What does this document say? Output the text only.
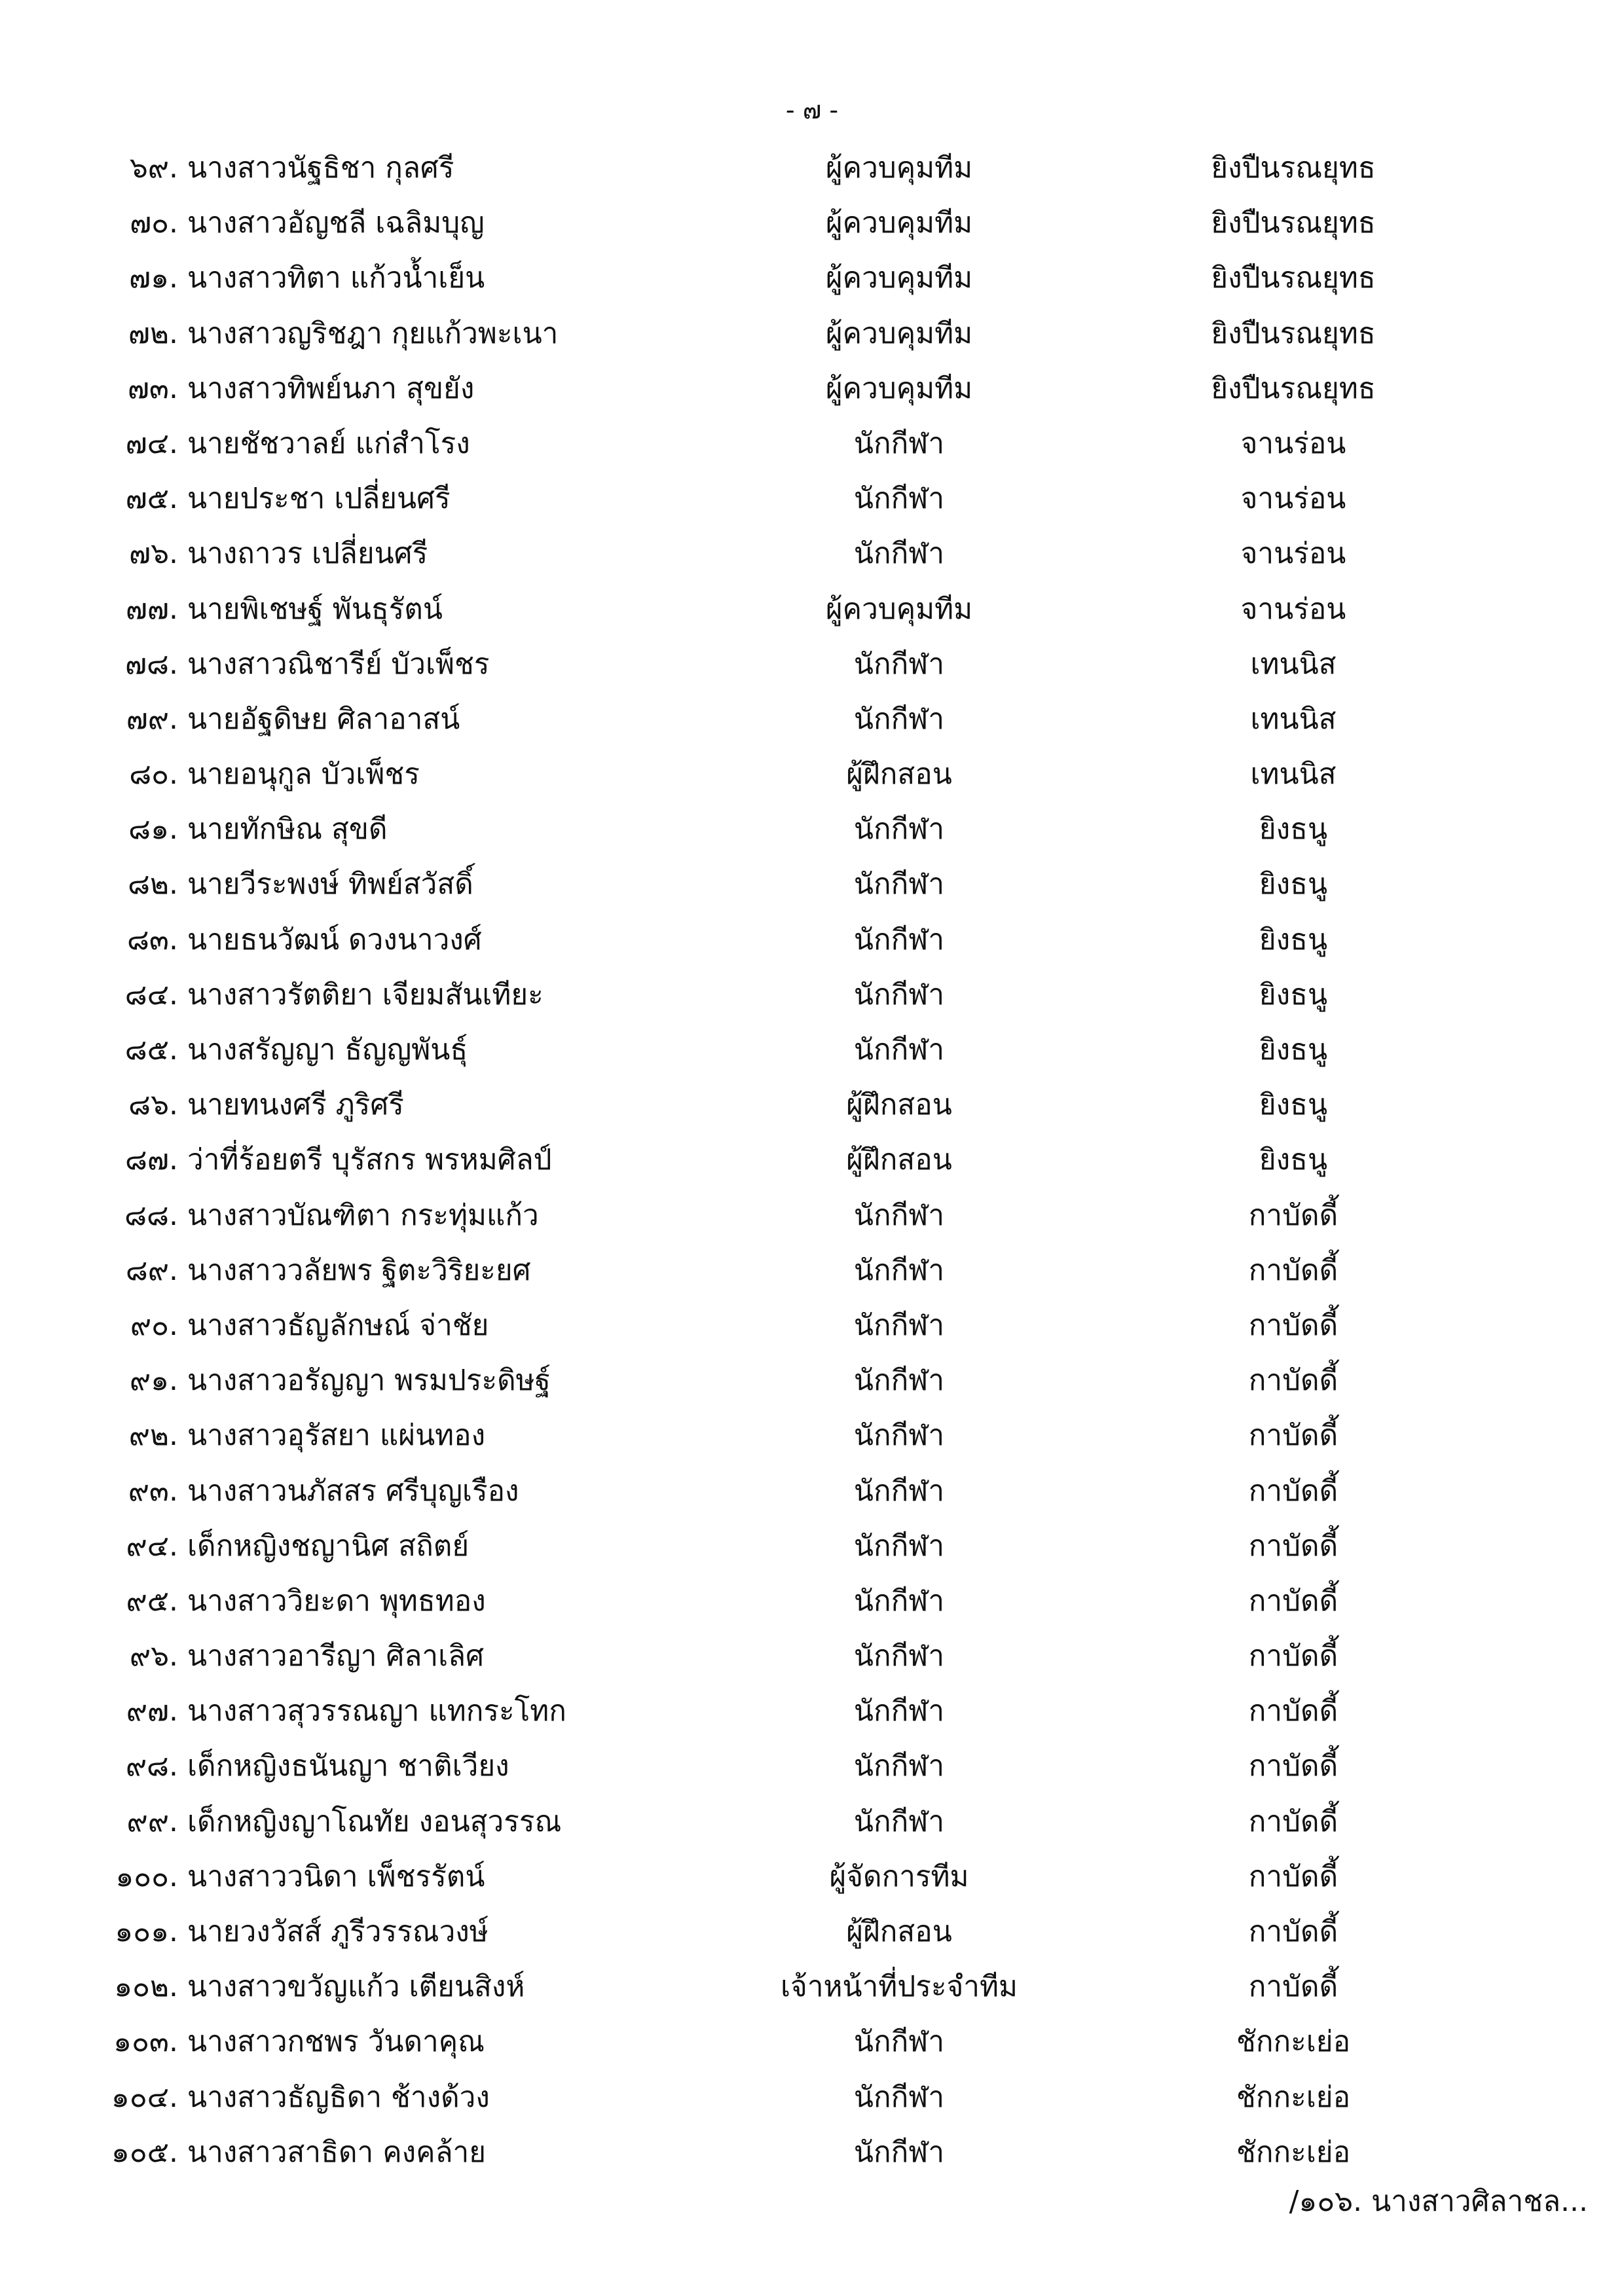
- ๗ -
๖๙. นางสาวนัฐธิชา กุลศรี	ผู้ควบคุมทีม	ยิงปืนรณยุทธ
๗๐. นางสาวอัญชลี เฉลิมบุญ	ผู้ควบคุมทีม	ยิงปืนรณยุทธ
๗๑. นางสาวทิตา แก้วน้ำเย็น	ผู้ควบคุมทีม	ยิงปืนรณยุทธ
๗๒. นางสาวญริชฎา กุยแก้วพะเนา	ผู้ควบคุมทีม	ยิงปืนรณยุทธ
๗๓. นางสาวทิพย์นภา สุขยัง	ผู้ควบคุมทีม	ยิงปืนรณยุทธ
๗๔. นายชัชวาลย์ แก่สำโรง	นักกีฬา	จานร่อน
๗๕. นายประชา เปลี่ยนศรี	นักกีฬา	จานร่อน
๗๖. นางถาวร เปลี่ยนศรี	นักกีฬา	จานร่อน
๗๗. นายพิเชษฐ์ พันธุรัตน์	ผู้ควบคุมทีม	จานร่อน
๗๘. นางสาวณิชารีย์ บัวเพ็ชร	นักกีฬา	เทนนิส
๗๙. นายอัฐดิษย ศิลาอาสน์	นักกีฬา	เทนนิส
๘๐. นายอนุกูล บัวเพ็ชร	ผู้ฝึกสอน	เทนนิส
๘๑. นายทักษิณ สุขดี	นักกีฬา	ยิงธนู
๘๒. นายวีระพงษ์ ทิพย์สวัสดิ์	นักกีฬา	ยิงธนู
๘๓. นายธนวัฒน์ ดวงนาวงศ์	นักกีฬา	ยิงธนู
๘๔. นางสาวรัตติยา เจียมสันเทียะ	นักกีฬา	ยิงธนู
๘๕. นางสรัญญา ธัญญพันธุ์	นักกีฬา	ยิงธนู
๘๖. นายทนงศรี ภูริศรี	ผู้ฝึกสอน	ยิงธนู
๘๗. ว่าที่ร้อยตรี บุรัสกร พรหมศิลป์	ผู้ฝึกสอน	ยิงธนู
๘๘. นางสาวบัณฑิตา กระทุ่มแก้ว	นักกีฬา	กาบัดดี้
๘๙. นางสาววลัยพร ฐิตะวิริยะยศ	นักกีฬา	กาบัดดี้
๙๐. นางสาวธัญลักษณ์ จ่าชัย	นักกีฬา	กาบัดดี้
๙๑. นางสาวอรัญญา พรมประดิษฐ์	นักกีฬา	กาบัดดี้
๙๒. นางสาวอุรัสยา แผ่นทอง	นักกีฬา	กาบัดดี้
๙๓. นางสาวนภัสสร ศรีบุญเรือง	นักกีฬา	กาบัดดี้
๙๔. เด็กหญิงชญานิศ สถิตย์	นักกีฬา	กาบัดดี้
๙๕. นางสาววิยะดา พุทธทอง	นักกีฬา	กาบัดดี้
๙๖. นางสาวอารีญา ศิลาเลิศ	นักกีฬา	กาบัดดี้
๙๗. นางสาวสุวรรณญา แทกระโทก	นักกีฬา	กาบัดดี้
๙๘. เด็กหญิงธนันญา ชาติเวียง	นักกีฬา	กาบัดดี้
๙๙. เด็กหญิงญาโณทัย งอนสุวรรณ	นักกีฬา	กาบัดดี้
๑๐๐. นางสาววนิดา เพ็ชรรัตน์	ผู้จัดการทีม	กาบัดดี้
๑๐๑. นายวงวัสส์ ภูรีวรรณวงษ์	ผู้ฝึกสอน	กาบัดดี้
๑๐๒. นางสาวขวัญแก้ว เตียนสิงห์	เจ้าหน้าที่ประจำทีม	กาบัดดี้
๑๐๓. นางสาวกชพร วันดาคุณ	นักกีฬา	ชักกะเย่อ
๑๐๔. นางสาวธัญธิดา ช้างด้วง	นักกีฬา	ชักกะเย่อ
๑๐๕. นางสาวสาธิดา คงคล้าย	นักกีฬา	ชักกะเย่อ
/๑๐๖. นางสาวศิลาชล...
